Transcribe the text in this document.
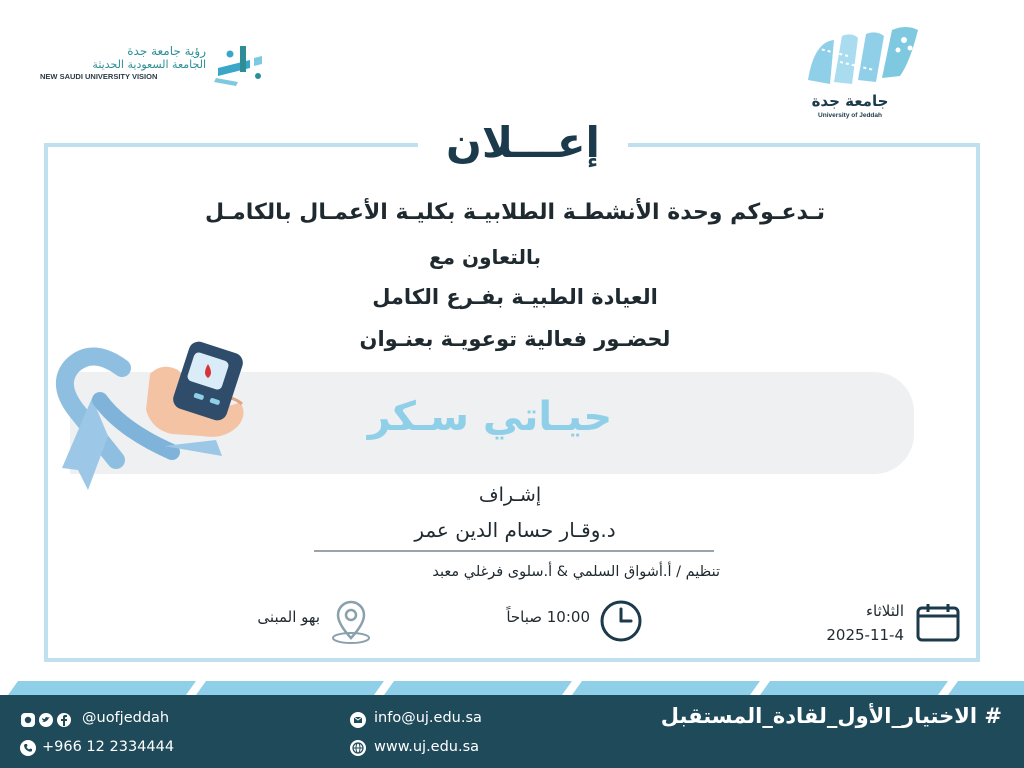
رؤية جامعة جدة
الجامعة السعودية الحديثة
NEW SAUDI UNIVERSITY VISION
جامعة جدة
University of Jeddah
إعـــلان
تـدعـوكم وحدة الأنشطـة الطلابيـة بكليـة الأعمـال بالكامـل
بالتعاون مع
العيادة الطبيـة بفـرع الكامل
لحضـور فعالية توعويـة بعنـوان
حيـاتي سـكر
إشـراف
د.وقـار حسام الدين عمر
تنظيم / أ.أشواق السلمي & أ.سلوى فرغلي معبد
الثلاثاء
2025-11-4
10:00 صباحاً
بهو المبنى
@uofjeddah
+966 12 2334444
info@uj.edu.sa
www.uj.edu.sa
# الاختيار_الأول_لقادة_المستقبل
